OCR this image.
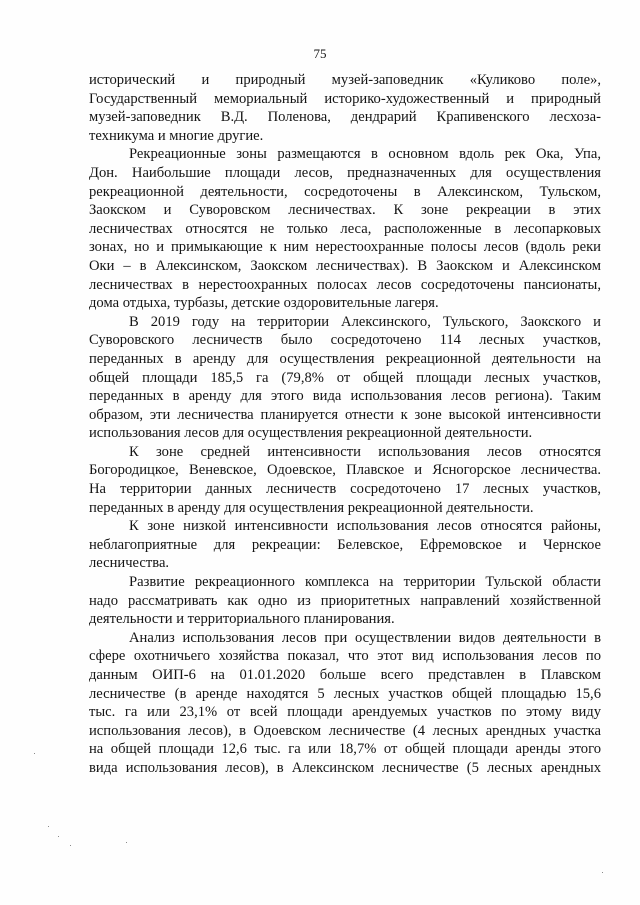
75
исторический и природный музей-заповедник «Куликово поле»,
Государственный мемориальный историко-художественный и природный
музей-заповедник В.Д. Поленова, дендрарий Крапивенского лесхоза-
техникума и многие другие.
Рекреационные зоны размещаются в основном вдоль рек Ока, Упа,
Дон. Наибольшие площади лесов, предназначенных для осуществления
рекреационной деятельности, сосредоточены в Алексинском, Тульском,
Заокском и Суворовском лесничествах. К зоне рекреации в этих
лесничествах относятся не только леса, расположенные в лесопарковых
зонах, но и примыкающие к ним нерестоохранные полосы лесов (вдоль реки
Оки – в Алексинском, Заокском лесничествах). В Заокском и Алексинском
лесничествах в нерестоохранных полосах лесов сосредоточены пансионаты,
дома отдыха, турбазы, детские оздоровительные лагеря.
В 2019 году на территории Алексинского, Тульского, Заокского и
Суворовского лесничеств было сосредоточено 114 лесных участков,
переданных в аренду для осуществления рекреационной деятельности на
общей площади 185,5 га (79,8% от общей площади лесных участков,
переданных в аренду для этого вида использования лесов региона). Таким
образом, эти лесничества планируется отнести к зоне высокой интенсивности
использования лесов для осуществления рекреационной деятельности.
К зоне средней интенсивности использования лесов относятся
Богородицкое, Веневское, Одоевское, Плавское и Ясногорское лесничества.
На территории данных лесничеств сосредоточено 17 лесных участков,
переданных в аренду для осуществления рекреационной деятельности.
К зоне низкой интенсивности использования лесов относятся районы,
неблагоприятные для рекреации: Белевское, Ефремовское и Чернское
лесничества.
Развитие рекреационного комплекса на территории Тульской области
надо рассматривать как одно из приоритетных направлений хозяйственной
деятельности и территориального планирования.
Анализ использования лесов при осуществлении видов деятельности в
сфере охотничьего хозяйства показал, что этот вид использования лесов по
данным ОИП-6 на 01.01.2020 больше всего представлен в Плавском
лесничестве (в аренде находятся 5 лесных участков общей площадью 15,6
тыс. га или 23,1% от всей площади арендуемых участков по этому виду
использования лесов), в Одоевском лесничестве (4 лесных арендных участка
на общей площади 12,6 тыс. га или 18,7% от общей площади аренды этого
вида использования лесов), в Алексинском лесничестве (5 лесных арендных
